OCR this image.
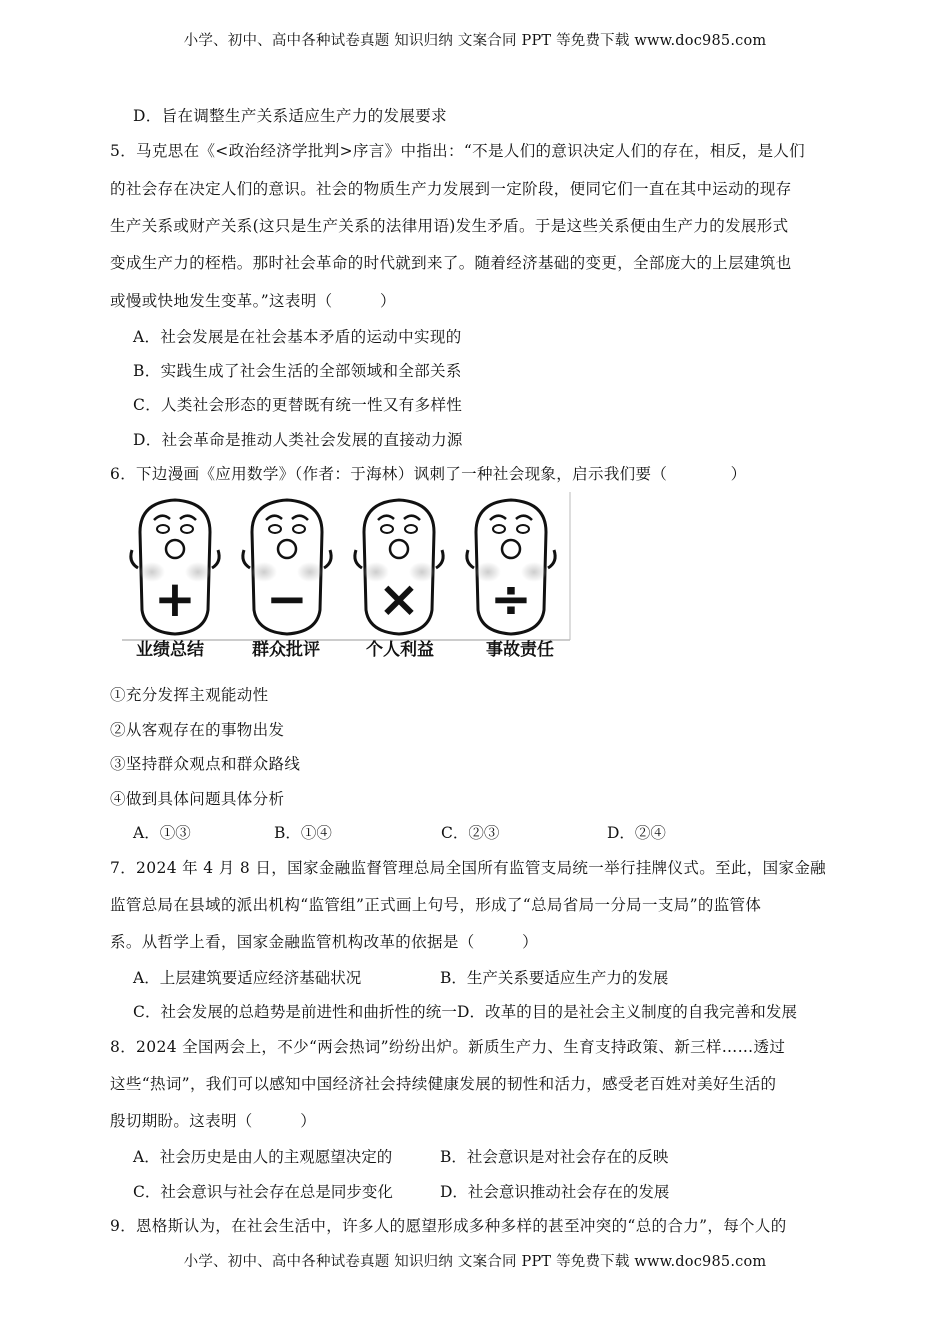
小学、初中、高中各种试卷真题 知识归纳 文案合同 PPT 等免费下载 www.doc985.com
D．旨在调整生产关系适应生产力的发展要求
5．马克思在《<政治经济学批判>序言》中指出：“不是人们的意识决定人们的存在，相反，是人们
的社会存在决定人们的意识。社会的物质生产力发展到一定阶段，便同它们一直在其中运动的现存
生产关系或财产关系(这只是生产关系的法律用语)发生矛盾。于是这些关系便由生产力的发展形式
变成生产力的桎梏。那时社会革命的时代就到来了。随着经济基础的变更，全部庞大的上层建筑也
或慢或快地发生变革。”这表明（　　　）
A．社会发展是在社会基本矛盾的运动中实现的
B．实践生成了社会生活的全部领域和全部关系
C．人类社会形态的更替既有统一性又有多样性
D．社会革命是推动人类社会发展的直接动力源
6．下边漫画《应用数学》（作者：于海林）讽刺了一种社会现象，启示我们要（　　　　）
+ − × ÷
业绩总结	群众批评	个人利益	事故责任
①充分发挥主观能动性
②从客观存在的事物出发
③坚持群众观点和群众路线
④做到具体问题具体分析
A．①③	B．①④	C．②③	D．②④
7．2024 年 4 月 8 日，国家金融监督管理总局全国所有监管支局统一举行挂牌仪式。至此，国家金融
监管总局在县域的派出机构“监管组”正式画上句号，形成了“总局省局一分局一支局”的监管体
系。从哲学上看，国家金融监管机构改革的依据是（　　　）
A．上层建筑要适应经济基础状况	B．生产关系要适应生产力的发展
C．社会发展的总趋势是前进性和曲折性的统一D．改革的目的是社会主义制度的自我完善和发展
8．2024 全国两会上，不少“两会热词”纷纷出炉。新质生产力、生育支持政策、新三样……透过
这些“热词”，我们可以感知中国经济社会持续健康发展的韧性和活力，感受老百姓对美好生活的
殷切期盼。这表明（　　　）
A．社会历史是由人的主观愿望决定的	B．社会意识是对社会存在的反映
C．社会意识与社会存在总是同步变化	D．社会意识推动社会存在的发展
9．恩格斯认为，在社会生活中，许多人的愿望形成多种多样的甚至冲突的“总的合力”，每个人的
小学、初中、高中各种试卷真题 知识归纳 文案合同 PPT 等免费下载 www.doc985.com
